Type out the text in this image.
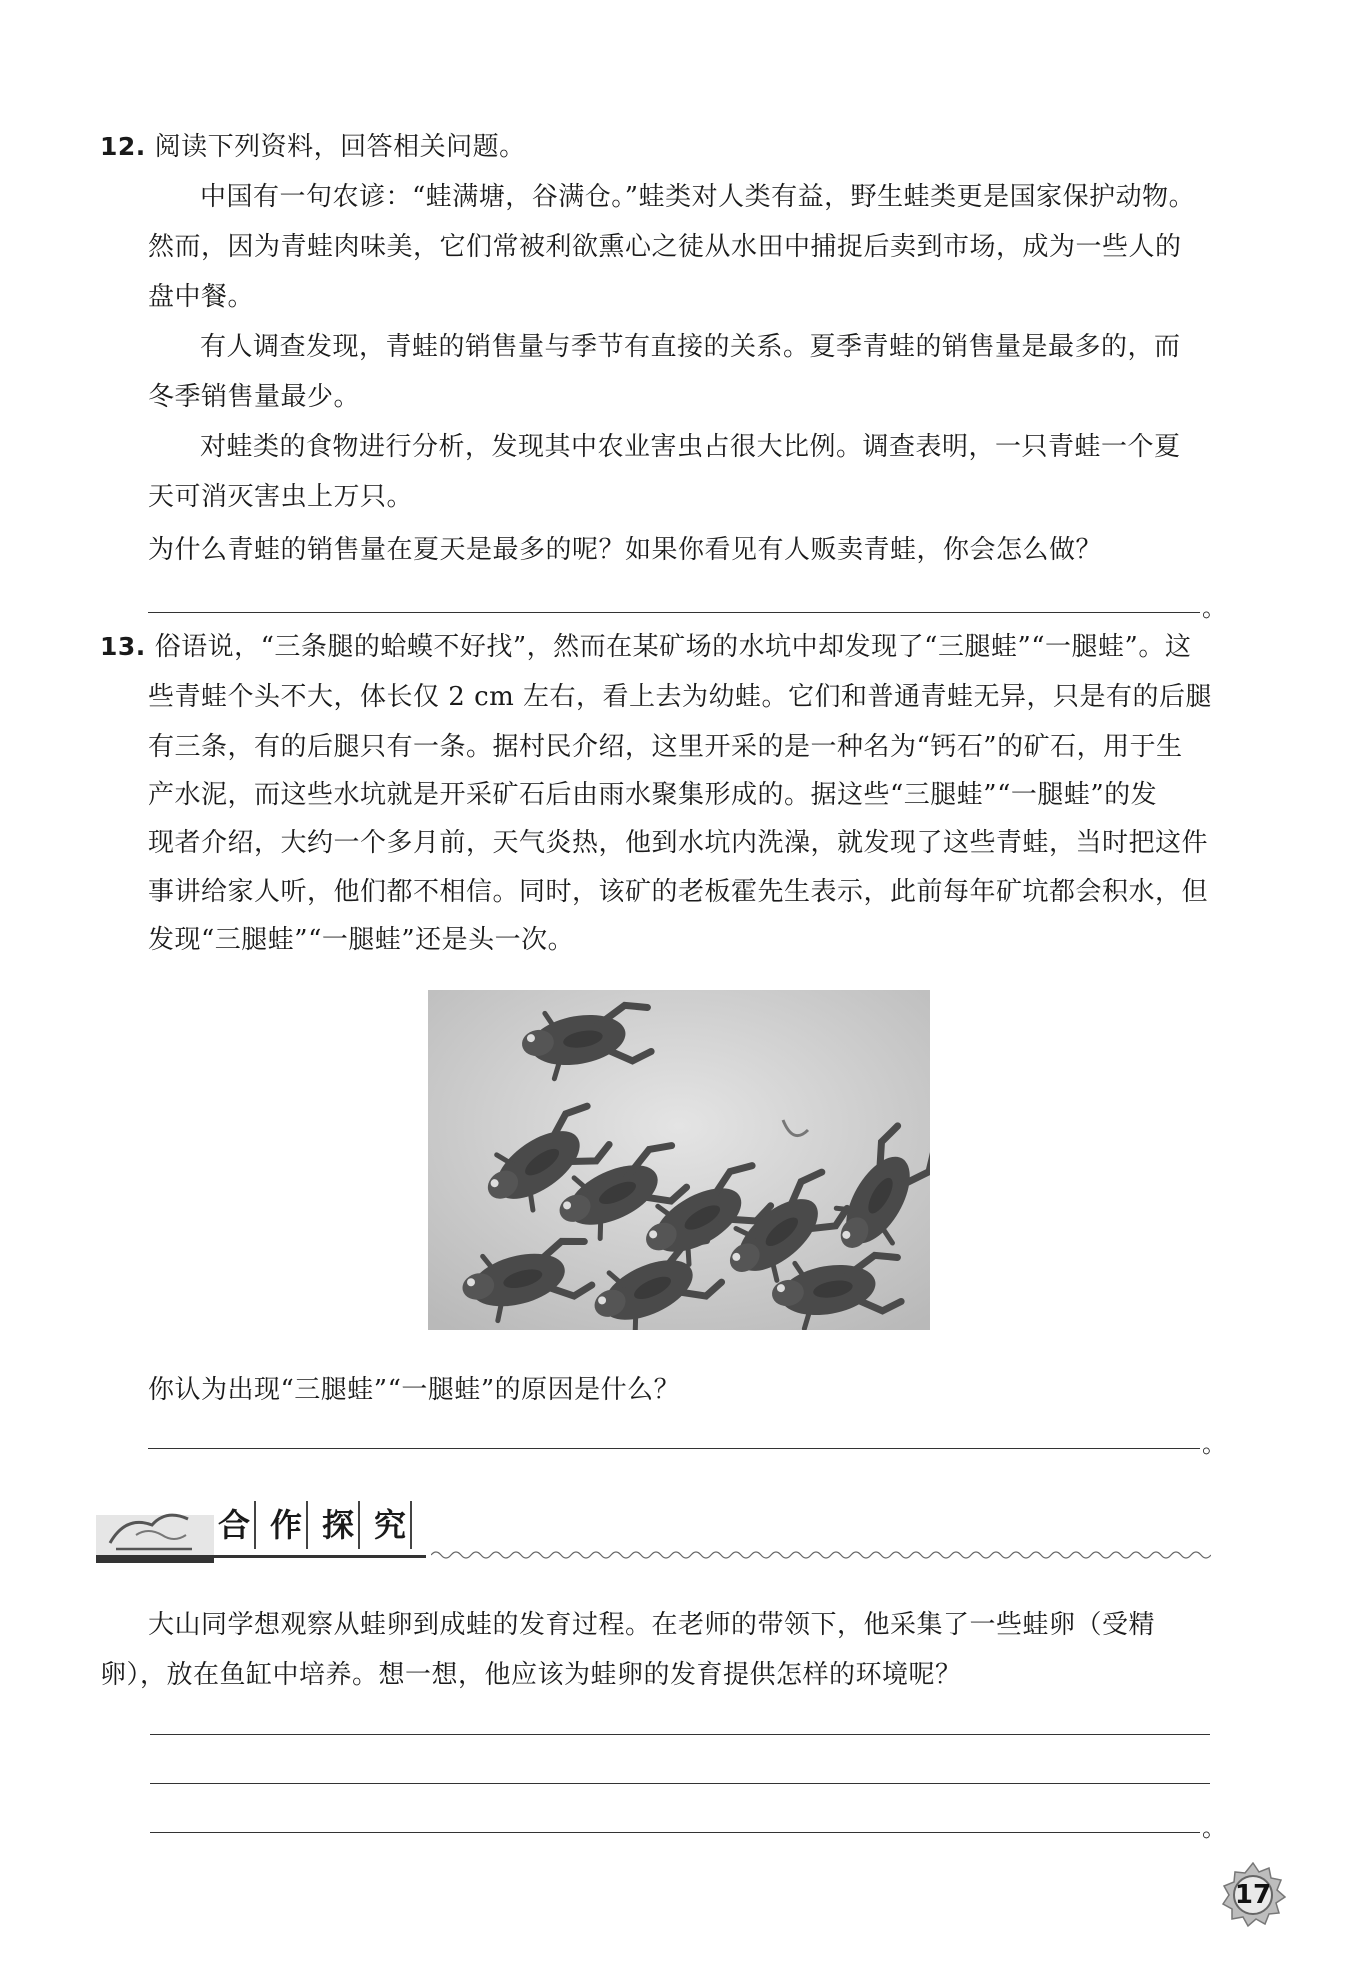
12. 阅读下列资料，回答相关问题。
中国有一句农谚：“蛙满塘，谷满仓。”蛙类对人类有益，野生蛙类更是国家保护动物。
然而，因为青蛙肉味美，它们常被利欲熏心之徒从水田中捕捉后卖到市场，成为一些人的
盘中餐。
有人调查发现，青蛙的销售量与季节有直接的关系。夏季青蛙的销售量是最多的，而
冬季销售量最少。
对蛙类的食物进行分析，发现其中农业害虫占很大比例。调查表明，一只青蛙一个夏
天可消灭害虫上万只。
为什么青蛙的销售量在夏天是最多的呢？如果你看见有人贩卖青蛙，你会怎么做？
。
13. 俗语说，“三条腿的蛤蟆不好找”，然而在某矿场的水坑中却发现了“三腿蛙”“一腿蛙”。这
些青蛙个头不大，体长仅 2 cm 左右，看上去为幼蛙。它们和普通青蛙无异，只是有的后腿
有三条，有的后腿只有一条。据村民介绍，这里开采的是一种名为“钙石”的矿石，用于生
产水泥，而这些水坑就是开采矿石后由雨水聚集形成的。据这些“三腿蛙”“一腿蛙”的发
现者介绍，大约一个多月前，天气炎热，他到水坑内洗澡，就发现了这些青蛙，当时把这件
事讲给家人听，他们都不相信。同时，该矿的老板霍先生表示，此前每年矿坑都会积水，但
发现“三腿蛙”“一腿蛙”还是头一次。
你认为出现“三腿蛙”“一腿蛙”的原因是什么？
。
合 作 探 究
大山同学想观察从蛙卵到成蛙的发育过程。在老师的带领下，他采集了一些蛙卵（受精
卵），放在鱼缸中培养。想一想，他应该为蛙卵的发育提供怎样的环境呢？
。
17
